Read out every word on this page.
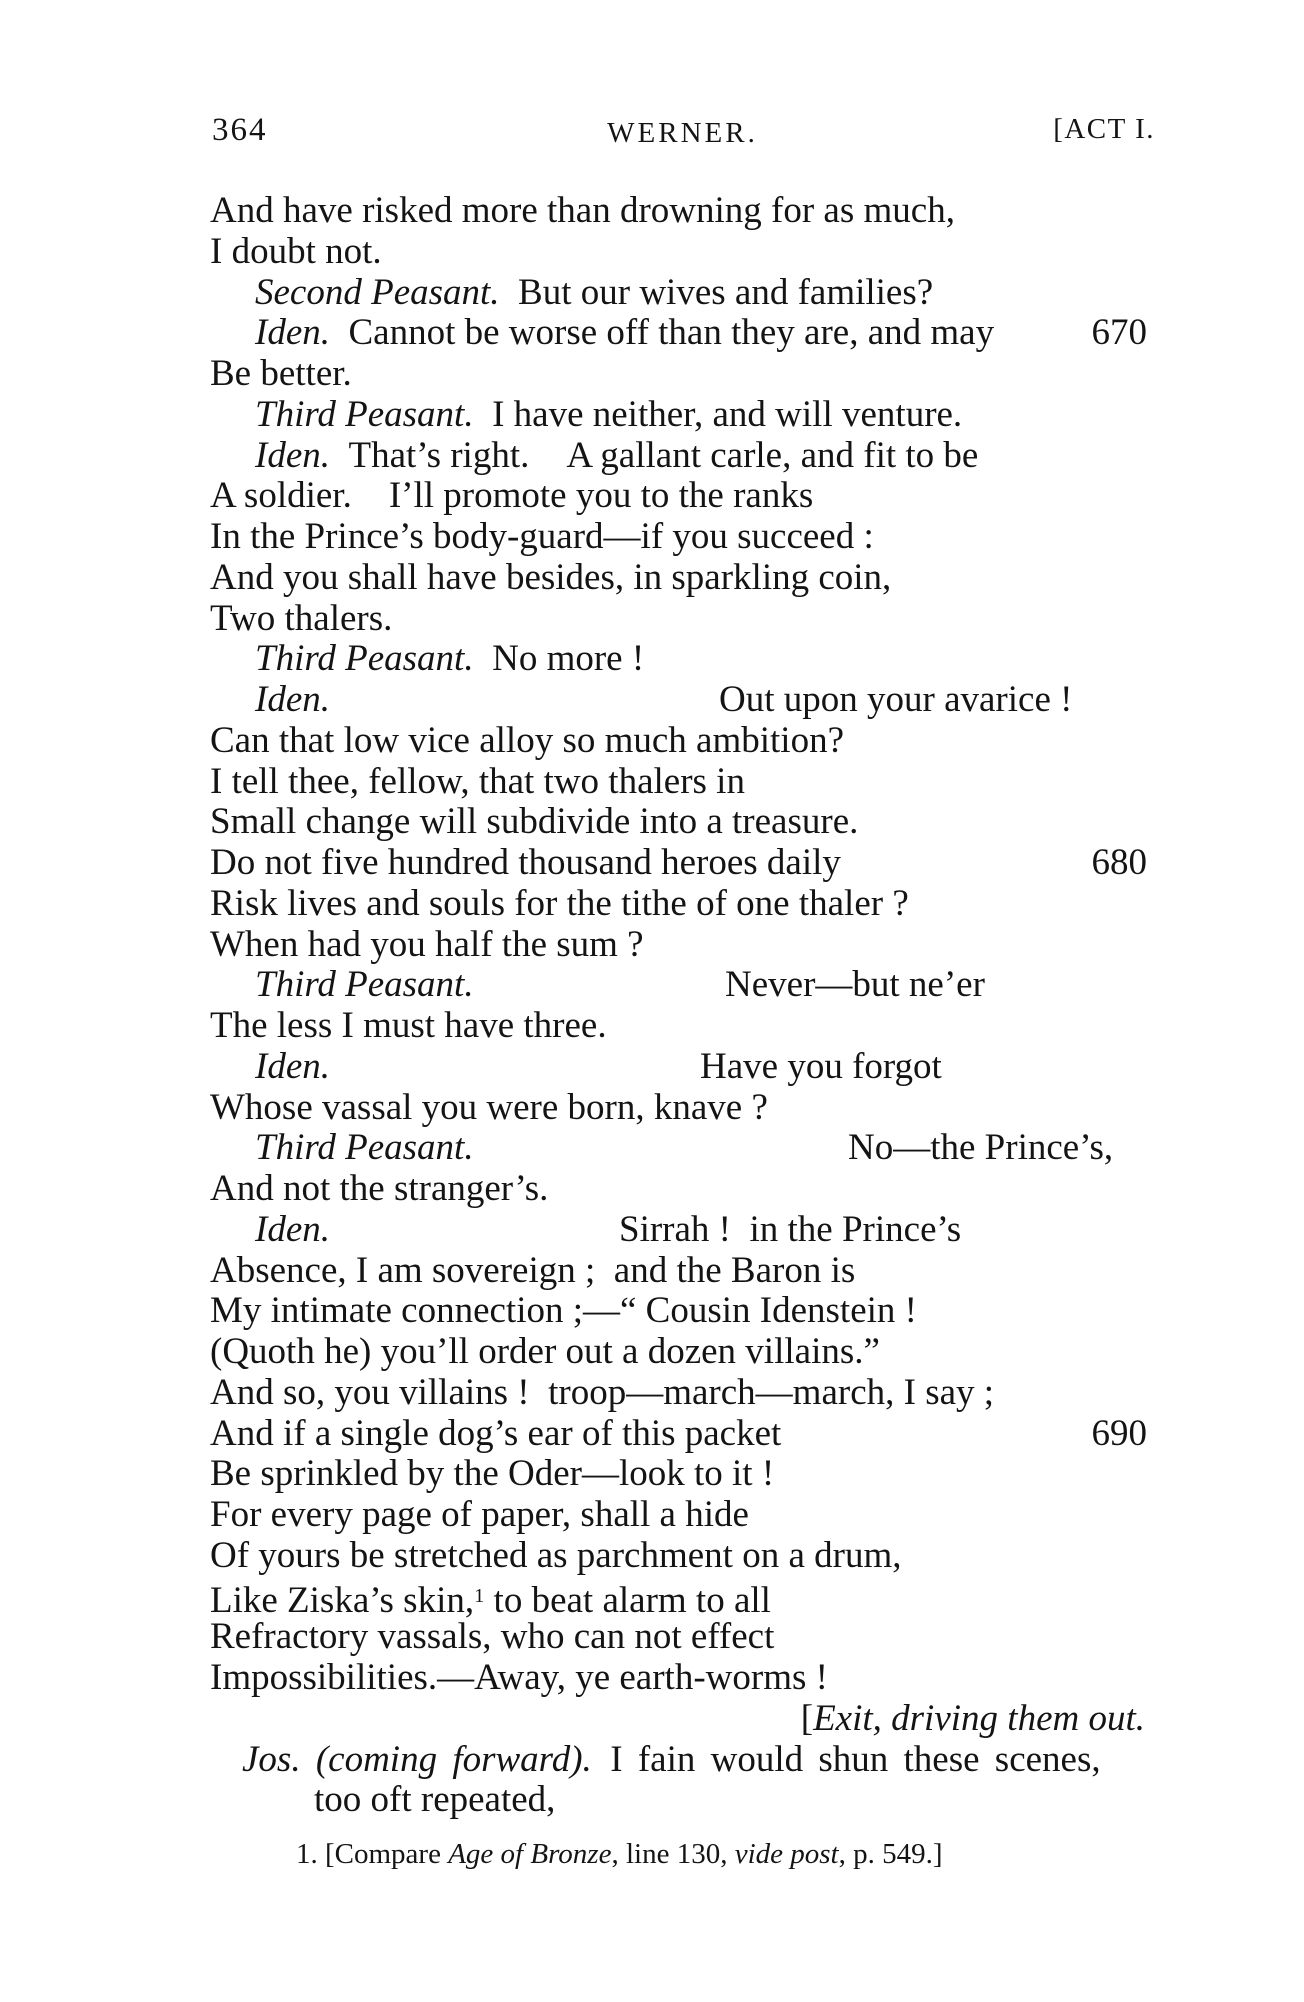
364	WERNER.	[ACT I.
And have risked more than drowning for as much,
I doubt not.
Second Peasant. But our wives and families?
Iden. Cannot be worse off than they are, and may	670
Be better.
Third Peasant. I have neither, and will venture.
Iden. That’s right. A gallant carle, and fit to be
A soldier. I’ll promote you to the ranks
In the Prince’s body-guard—if you succeed :
And you shall have besides, in sparkling coin,
Two thalers.
Third Peasant. No more !
Iden.	Out upon your avarice !
Can that low vice alloy so much ambition?
I tell thee, fellow, that two thalers in
Small change will subdivide into a treasure.
Do not five hundred thousand heroes daily	680
Risk lives and souls for the tithe of one thaler ?
When had you half the sum ?
Third Peasant.	Never—but ne’er
The less I must have three.
Iden.	Have you forgot
Whose vassal you were born, knave ?
Third Peasant.	No—the Prince’s,
And not the stranger’s.
Iden.	Sirrah ! in the Prince’s
Absence, I am sovereign ; and the Baron is
My intimate connection ;—“ Cousin Idenstein !
(Quoth he) you’ll order out a dozen villains.”
And so, you villains ! troop—march—march, I say ;
And if a single dog’s ear of this packet	690
Be sprinkled by the Oder—look to it !
For every page of paper, shall a hide
Of yours be stretched as parchment on a drum,
Like Ziska’s skin,$^1$ to beat alarm to all
Refractory vassals, who can not effect
Impossibilities.—Away, ye earth-worms !
[Exit, driving them out.
Jos. (coming forward). I fain would shun these scenes,
too oft repeated,
1. [Compare Age of Bronze, line 130, vide post, p. 549.]
